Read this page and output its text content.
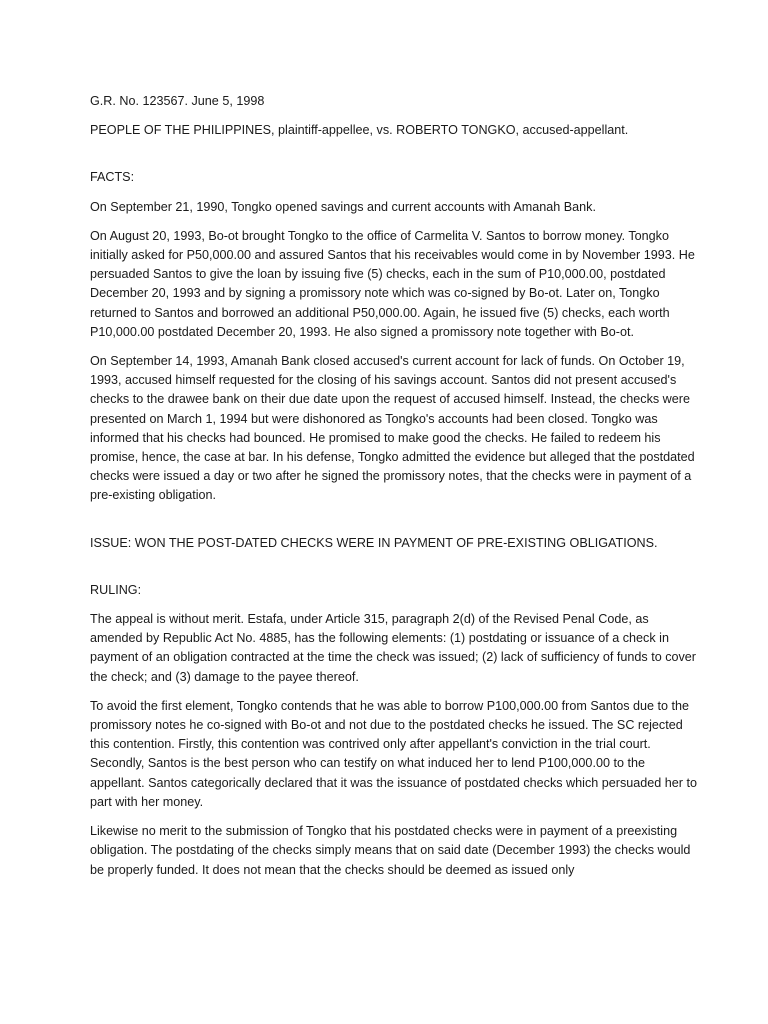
G.R. No. 123567. June 5, 1998

PEOPLE OF THE PHILIPPINES, plaintiff-appellee, vs. ROBERTO TONGKO, accused-appellant.

FACTS:

On September 21, 1990, Tongko opened savings and current accounts with Amanah Bank.

On August 20, 1993, Bo-ot brought Tongko to the office of Carmelita V. Santos to borrow money. Tongko initially asked for P50,000.00 and assured Santos that his receivables would come in by November 1993. He persuaded Santos to give the loan by issuing five (5) checks, each in the sum of P10,000.00, postdated December 20, 1993 and by signing a promissory note which was co-signed by Bo-ot. Later on, Tongko returned to Santos and borrowed an additional P50,000.00. Again, he issued five (5) checks, each worth P10,000.00 postdated December 20, 1993. He also signed a promissory note together with Bo-ot.

On September 14, 1993, Amanah Bank closed accused's current account for lack of funds. On October 19, 1993, accused himself requested for the closing of his savings account. Santos did not present accused's checks to the drawee bank on their due date upon the request of accused himself. Instead, the checks were presented on March 1, 1994 but were dishonored as Tongko's accounts had been closed. Tongko was informed that his checks had bounced. He promised to make good the checks. He failed to redeem his promise, hence, the case at bar. In his defense, Tongko admitted the evidence but alleged that the postdated checks were issued a day or two after he signed the promissory notes, that the checks were in payment of a pre-existing obligation.

ISSUE: WON THE POST-DATED CHECKS WERE IN PAYMENT OF PRE-EXISTING OBLIGATIONS.

RULING:

The appeal is without merit. Estafa, under Article 315, paragraph 2(d) of the Revised Penal Code, as amended by Republic Act No. 4885, has the following elements: (1) postdating or issuance of a check in payment of an obligation contracted at the time the check was issued; (2) lack of sufficiency of funds to cover the check; and (3) damage to the payee thereof.

To avoid the first element, Tongko contends that he was able to borrow P100,000.00 from Santos due to the promissory notes he co-signed with Bo-ot and not due to the postdated checks he issued. The SC rejected this contention. Firstly, this contention was contrived only after appellant's conviction in the trial court. Secondly, Santos is the best person who can testify on what induced her to lend P100,000.00 to the appellant. Santos categorically declared that it was the issuance of postdated checks which persuaded her to part with her money.

Likewise no merit to the submission of Tongko that his postdated checks were in payment of a preexisting obligation. The postdating of the checks simply means that on said date (December 1993) the checks would be properly funded. It does not mean that the checks should be deemed as issued only
